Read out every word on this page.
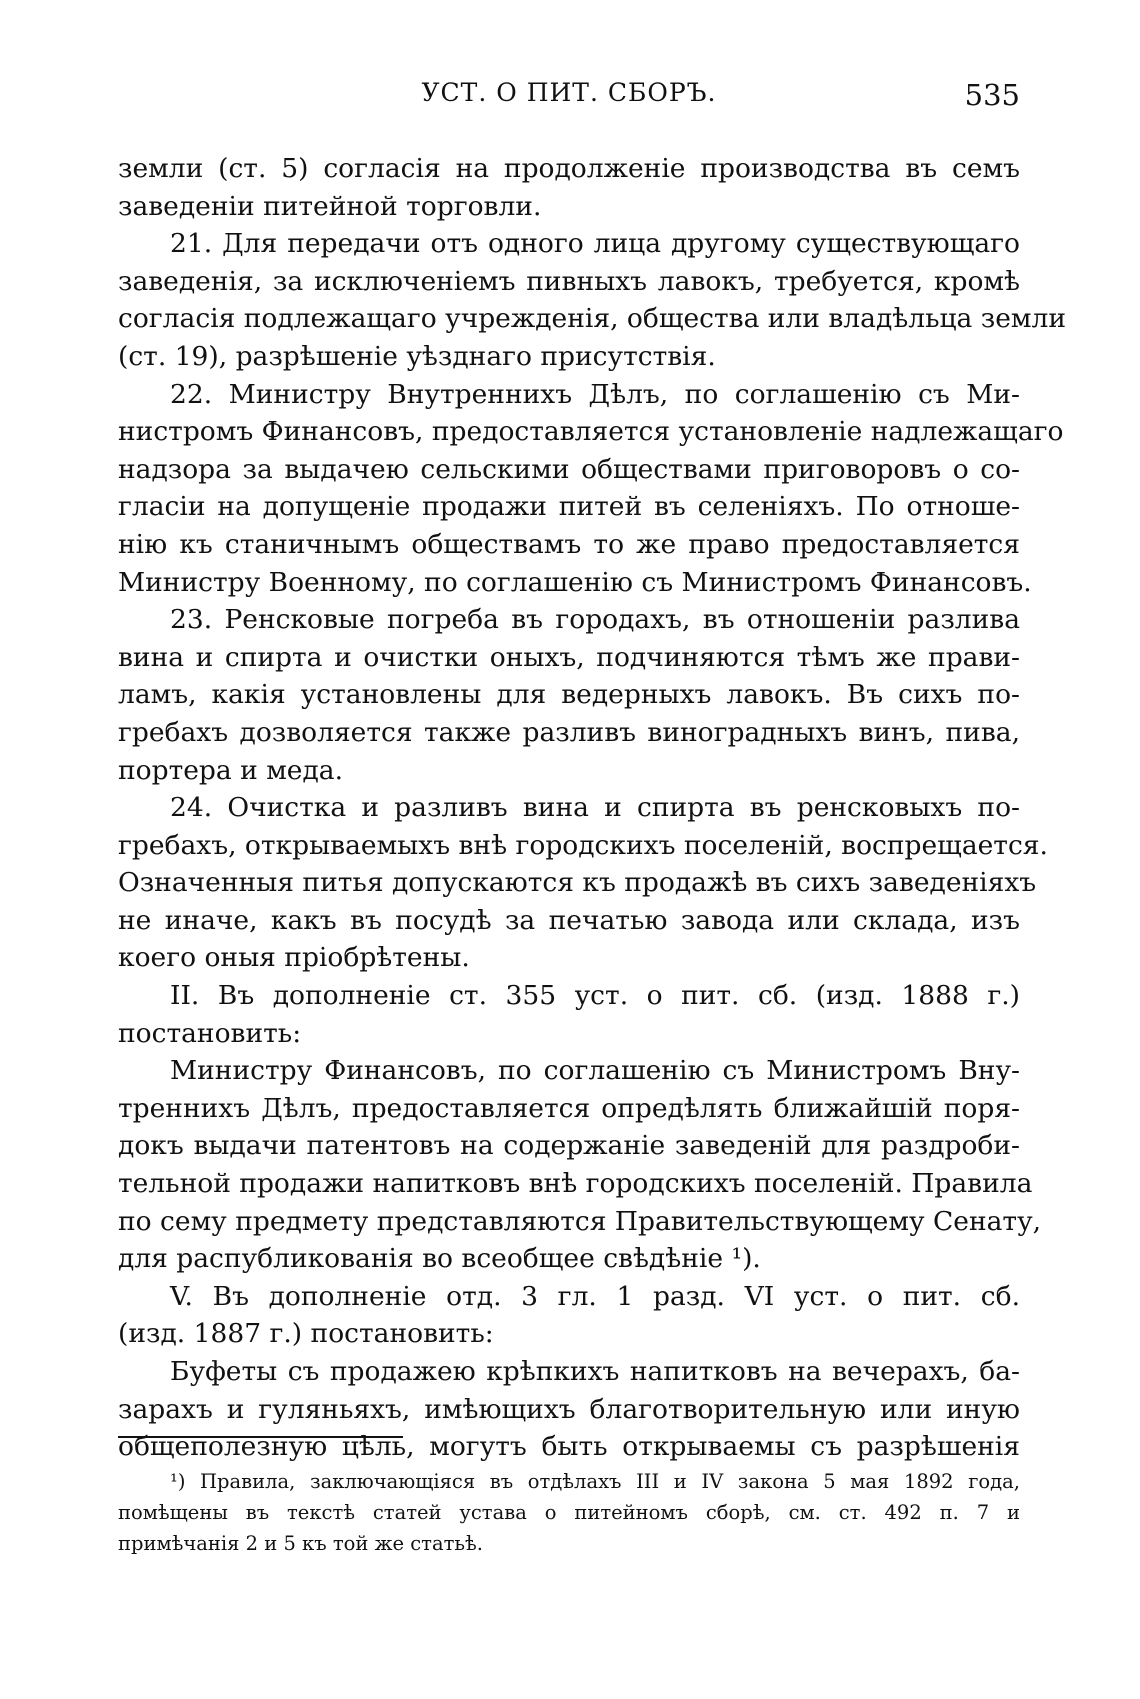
УСТ. О ПИТ. СБОРЪ.	535
земли (ст. 5) согласія на продолженіе производства въ семъ
заведеніи питейной торговли.
21. Для передачи отъ одного лица другому существующаго
заведенія, за исключеніемъ пивныхъ лавокъ, требуется, кромѣ
согласія подлежащаго учрежденія, общества или владѣльца земли
(ст. 19), разрѣшеніе уѣзднаго присутствія.
22. Министру Внутреннихъ Дѣлъ, по соглашенію съ Ми-
нистромъ Финансовъ, предоставляется установленіе надлежащаго
надзора за выдачею сельскими обществами приговоровъ о со-
гласіи на допущеніе продажи питей въ селеніяхъ. По отноше-
нію къ станичнымъ обществамъ то же право предоставляется
Министру Военному, по соглашенію съ Министромъ Финансовъ.
23. Ренсковые погреба въ городахъ, въ отношеніи разлива
вина и спирта и очистки оныхъ, подчиняются тѣмъ же прави-
ламъ, какія установлены для ведерныхъ лавокъ. Въ сихъ по-
гребахъ дозволяется также разливъ виноградныхъ винъ, пива,
портера и меда.
24. Очистка и разливъ вина и спирта въ ренсковыхъ по-
гребахъ, открываемыхъ внѣ городскихъ поселеній, воспрещается.
Означенныя питья допускаются къ продажѣ въ сихъ заведеніяхъ
не иначе, какъ въ посудѣ за печатью завода или склада, изъ
коего оныя пріобрѣтены.
II. Въ дополненіе ст. 355 уст. о пит. сб. (изд. 1888 г.)
постановить:
Министру Финансовъ, по соглашенію съ Министромъ Вну-
треннихъ Дѣлъ, предоставляется опредѣлять ближайшій поря-
докъ выдачи патентовъ на содержаніе заведеній для раздроби-
тельной продажи напитковъ внѣ городскихъ поселеній. Правила
по сему предмету представляются Правительствующему Сенату,
для распубликованія во всеобщее свѣдѣніе ¹).
V. Въ дополненіе отд. 3 гл. 1 разд. VI уст. о пит. сб.
(изд. 1887 г.) постановить:
Буфеты съ продажею крѣпкихъ напитковъ на вечерахъ, ба-
зарахъ и гуляньяхъ, имѣющихъ благотворительную или иную
общеполезную цѣль, могутъ быть открываемы съ разрѣшенія
¹) Правила, заключающіяся въ отдѣлахъ III и IV закона 5 мая 1892 года,
помѣщены въ текстѣ статей устава о питейномъ сборѣ, см. ст. 492 п. 7 и
примѣчанія 2 и 5 къ той же статьѣ.
